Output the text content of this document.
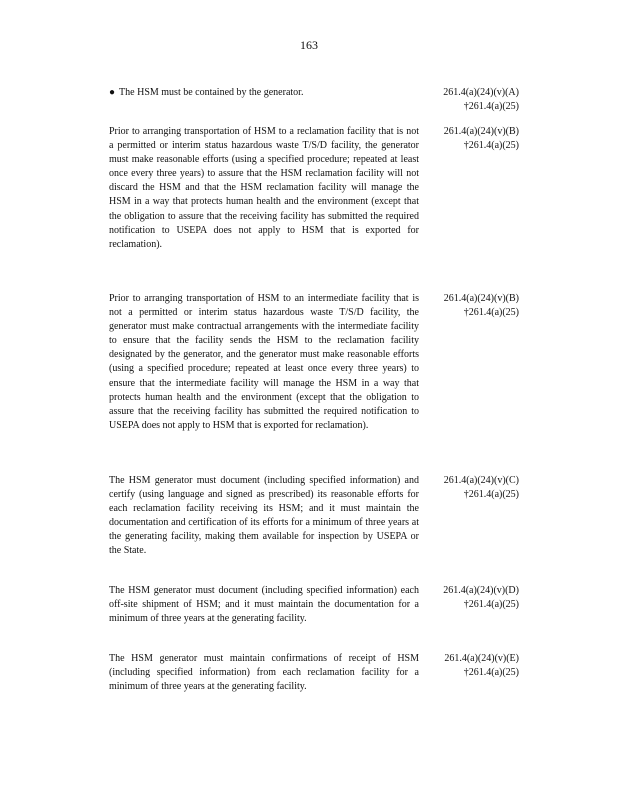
163
● The HSM must be contained by the generator.	261.4(a)(24)(v)(A)
†261.4(a)(25)
Prior to arranging transportation of HSM to a reclamation facility that is not a permitted or interim status hazardous waste T/S/D facility, the generator must make reasonable efforts (using a specified procedure; repeated at least once every three years) to assure that the HSM reclamation facility will not discard the HSM and that the HSM reclamation facility will manage the HSM in a way that protects human health and the environment (except that the obligation to assure that the receiving facility has submitted the required notification to USEPA does not apply to HSM that is exported for reclamation).
261.4(a)(24)(v)(B)
†261.4(a)(25)
Prior to arranging transportation of HSM to an intermediate facility that is not a permitted or interim status hazardous waste T/S/D facility, the generator must make contractual arrangements with the intermediate facility to ensure that the facility sends the HSM to the reclamation facility designated by the generator, and the generator must make reasonable efforts (using a specified procedure; repeated at least once every three years) to ensure that the intermediate facility will manage the HSM in a way that protects human health and the environment (except that the obligation to assure that the receiving facility has submitted the required notification to USEPA does not apply to HSM that is exported for reclamation).
261.4(a)(24)(v)(B)
†261.4(a)(25)
The HSM generator must document (including specified information) and certify (using language and signed as prescribed) its reasonable efforts for each reclamation facility receiving its HSM; and it must maintain the documentation and certification of its efforts for a minimum of three years at the generating facility, making them available for inspection by USEPA or the State.
261.4(a)(24)(v)(C)
†261.4(a)(25)
The HSM generator must document (including specified information) each off-site shipment of HSM; and it must maintain the documentation for a minimum of three years at the generating facility.
261.4(a)(24)(v)(D)
†261.4(a)(25)
The HSM generator must maintain confirmations of receipt of HSM (including specified information) from each reclamation facility for a minimum of three years at the generating facility.
261.4(a)(24)(v)(E)
†261.4(a)(25)
